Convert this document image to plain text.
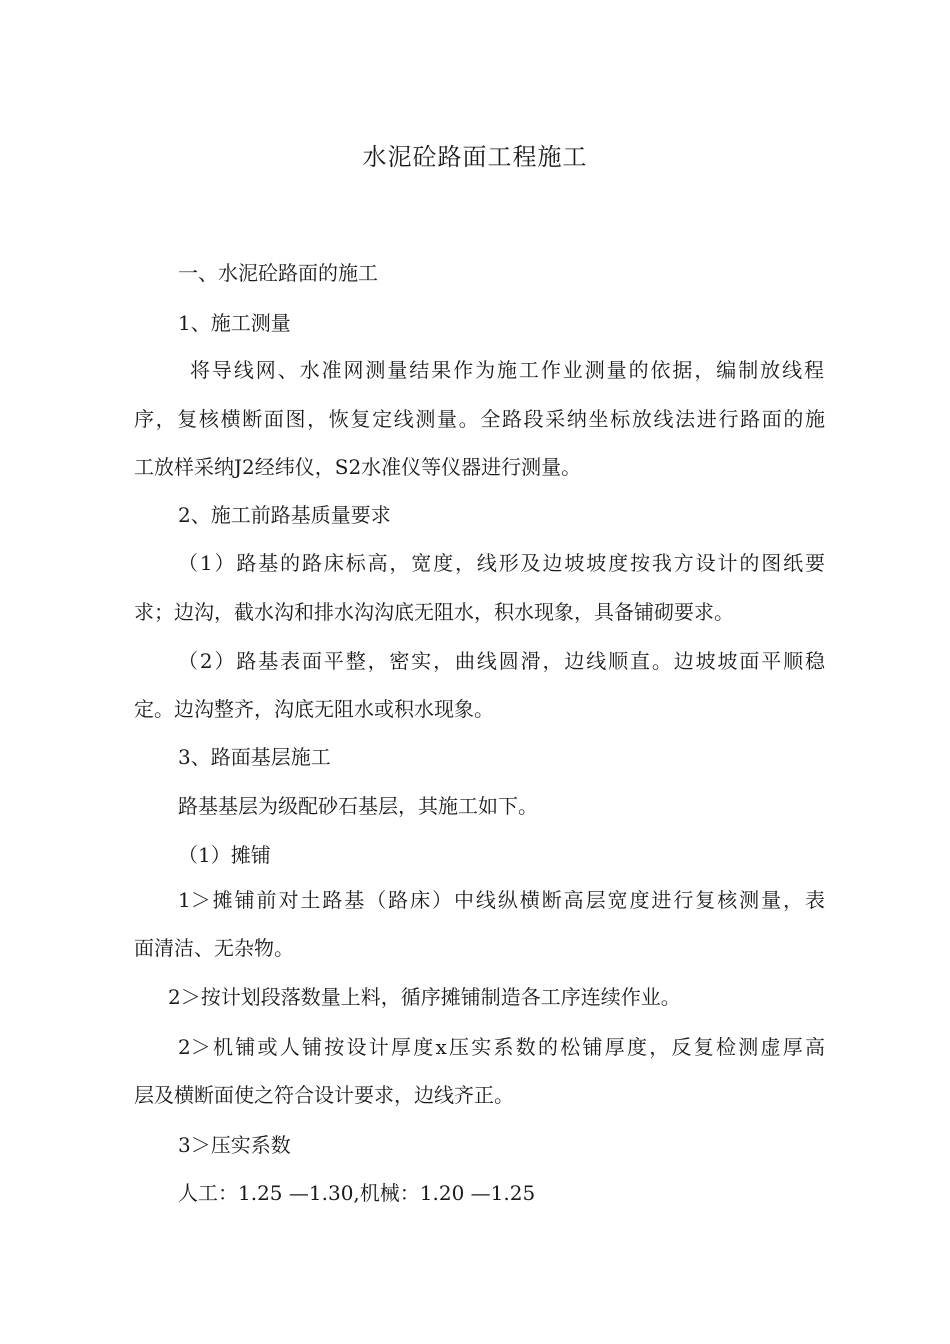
水泥砼路面工程施工
一、水泥砼路面的施工
1、施工测量
将导线网、水准网测量结果作为施工作业测量的依据，编制放线程
序，复核横断面图，恢复定线测量。全路段采纳坐标放线法进行路面的施
工放样采纳J2经纬仪，S2水准仪等仪器进行测量。
2、施工前路基质量要求
（1）路基的路床标高，宽度，线形及边坡坡度按我方设计的图纸要
求；边沟，截水沟和排水沟沟底无阻水，积水现象，具备铺砌要求。
（2）路基表面平整，密实，曲线圆滑，边线顺直。边坡坡面平顺稳
定。边沟整齐，沟底无阻水或积水现象。
3、路面基层施工
路基基层为级配砂石基层，其施工如下。
（1）摊铺
1＞摊铺前对土路基（路床）中线纵横断高层宽度进行复核测量，表
面清洁、无杂物。
2＞按计划段落数量上料，循序摊铺制造各工序连续作业。
2＞机铺或人铺按设计厚度x压实系数的松铺厚度，反复检测虚厚高
层及横断面使之符合设计要求，边线齐正。
3＞压实系数
人工：1.25 —1.30,机械：1.20 —1.25
